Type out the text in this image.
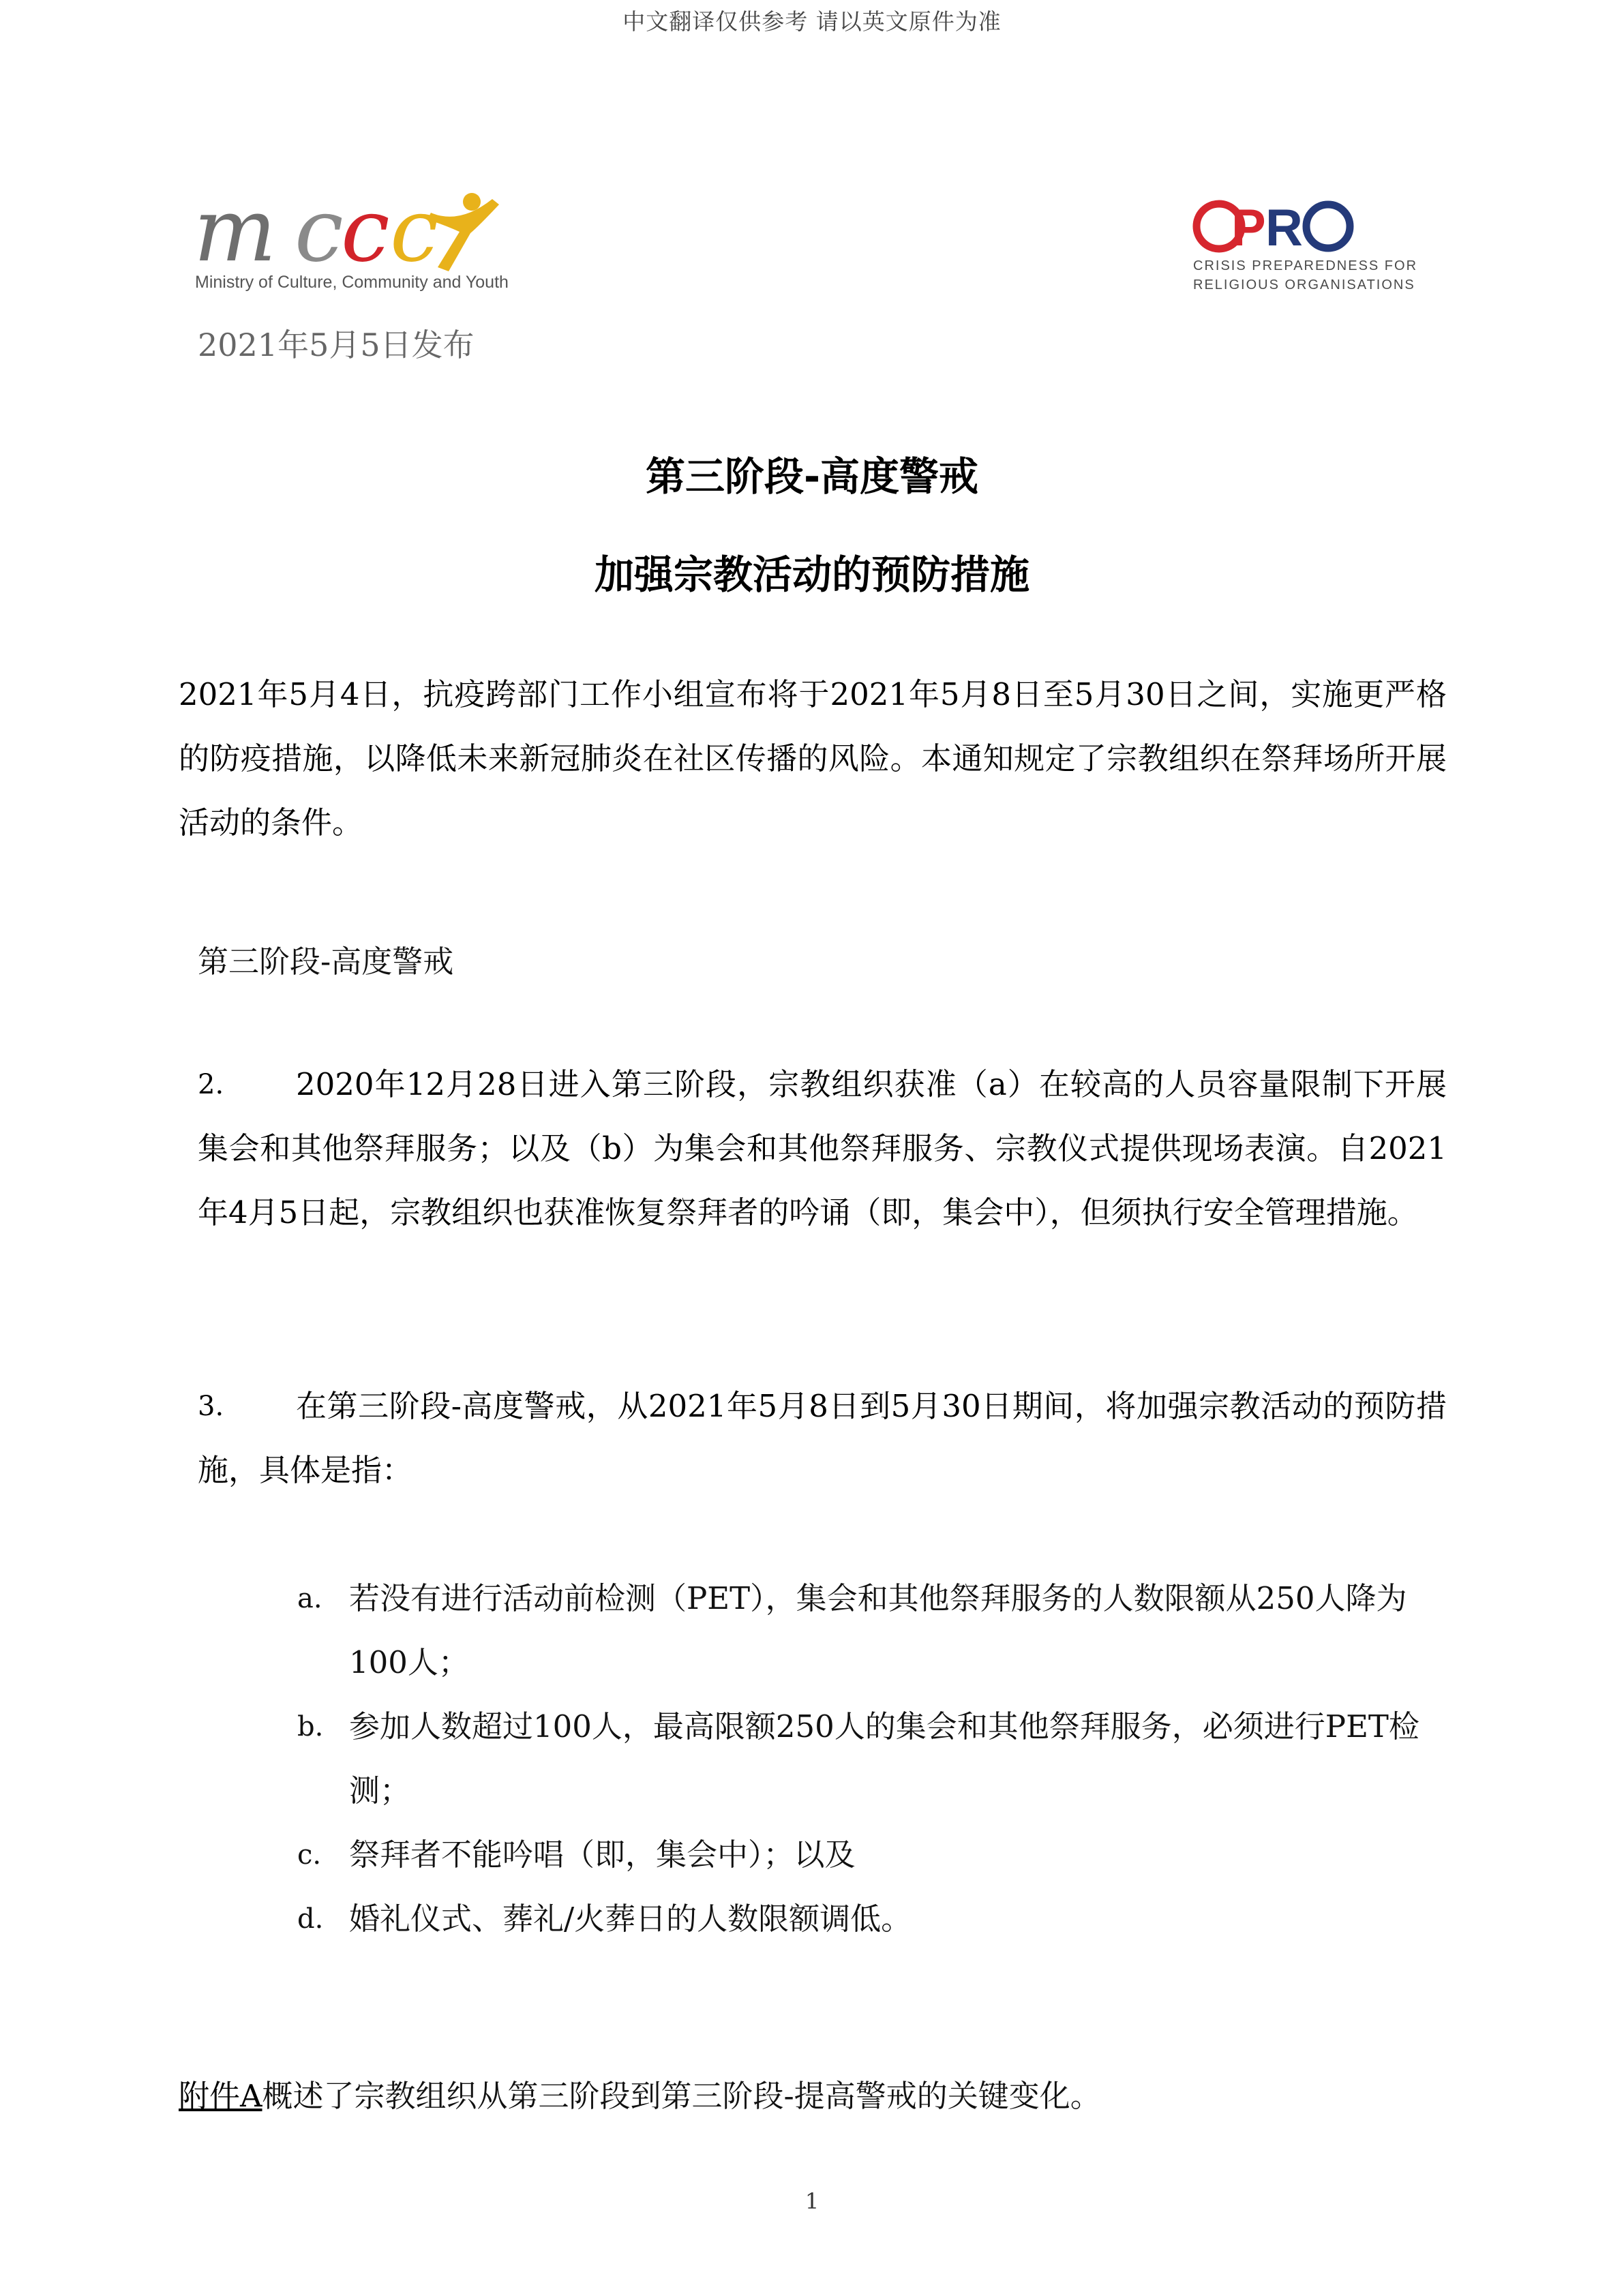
中文翻译仅供参考 请以英文原件为准
m c c c
Ministry of Culture, Community and Youth
P R
CRISIS PREPAREDNESS FOR
RELIGIOUS ORGANISATIONS
2021年5月5日发布
第三阶段-高度警戒
加强宗教活动的预防措施
2021年5月4日，抗疫跨部门工作小组宣布将于2021年5月8日至5月30日之间，实施更严格的防疫措施，以降低未来新冠肺炎在社区传播的风险。本通知规定了宗教组织在祭拜场所开展活动的条件。
第三阶段-高度警戒
2.	2020年12月28日进入第三阶段，宗教组织获准（a）在较高的人员容量限制下开展集会和其他祭拜服务；以及（b）为集会和其他祭拜服务、宗教仪式提供现场表演。自2021年4月5日起，宗教组织也获准恢复祭拜者的吟诵（即，集会中），但须执行安全管理措施。
3.	在第三阶段-高度警戒，从2021年5月8日到5月30日期间，将加强宗教活动的预防措施，具体是指：
a. 若没有进行活动前检测（PET），集会和其他祭拜服务的人数限额从250人降为100人；
b. 参加人数超过100人，最高限额250人的集会和其他祭拜服务，必须进行PET检测；
c. 祭拜者不能吟唱（即，集会中）；以及
d. 婚礼仪式、葬礼/火葬日的人数限额调低。
附件A概述了宗教组织从第三阶段到第三阶段-提高警戒的关键变化。
1
